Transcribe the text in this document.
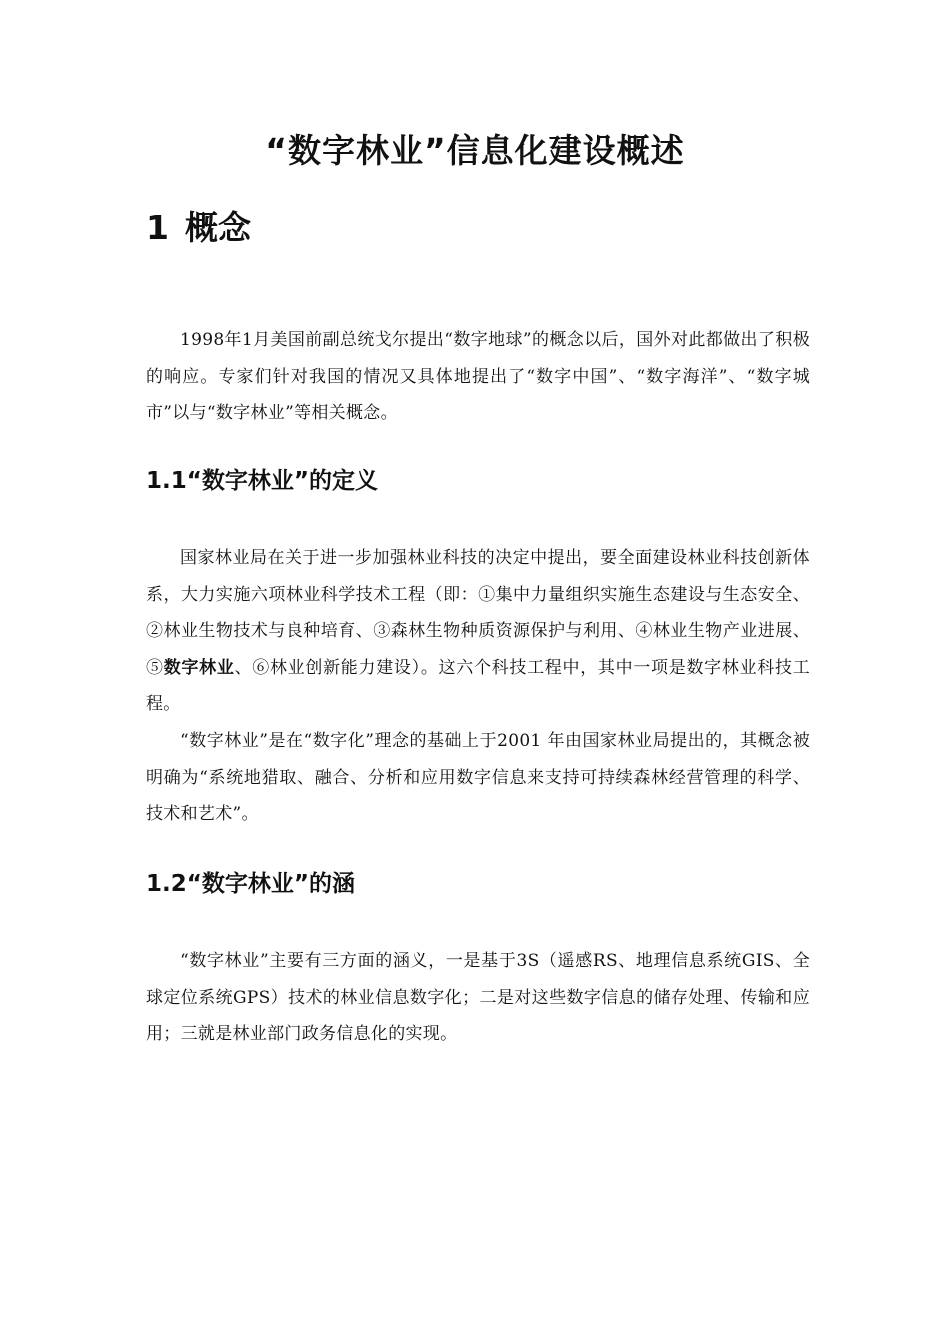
“数字林业”信息化建设概述
1 概念

1998年1月美国前副总统戈尔提出“数字地球”的概念以后，国外对此都做出了积极的响应。专家们针对我国的情况又具体地提出了“数字中国”、“数字海洋”、“数字城市”以与“数字林业”等相关概念。

1.1“数字林业”的定义

国家林业局在关于进一步加强林业科技的决定中提出，要全面建设林业科技创新体系，大力实施六项林业科学技术工程（即：①集中力量组织实施生态建设与生态安全、②林业生物技术与良种培育、③森林生物种质资源保护与利用、④林业生物产业进展、⑤数字林业、⑥林业创新能力建设）。这六个科技工程中，其中一项是数字林业科技工程。

“数字林业”是在“数字化”理念的基础上于2001 年由国家林业局提出的，其概念被明确为“系统地猎取、融合、分析和应用数字信息来支持可持续森林经营管理的科学、技术和艺术”。

1.2“数字林业”的涵

“数字林业”主要有三方面的涵义，一是基于3S（遥感RS、地理信息系统GIS、全球定位系统GPS）技术的林业信息数字化；二是对这些数字信息的储存处理、传输和应用；三就是林业部门政务信息化的实现。
